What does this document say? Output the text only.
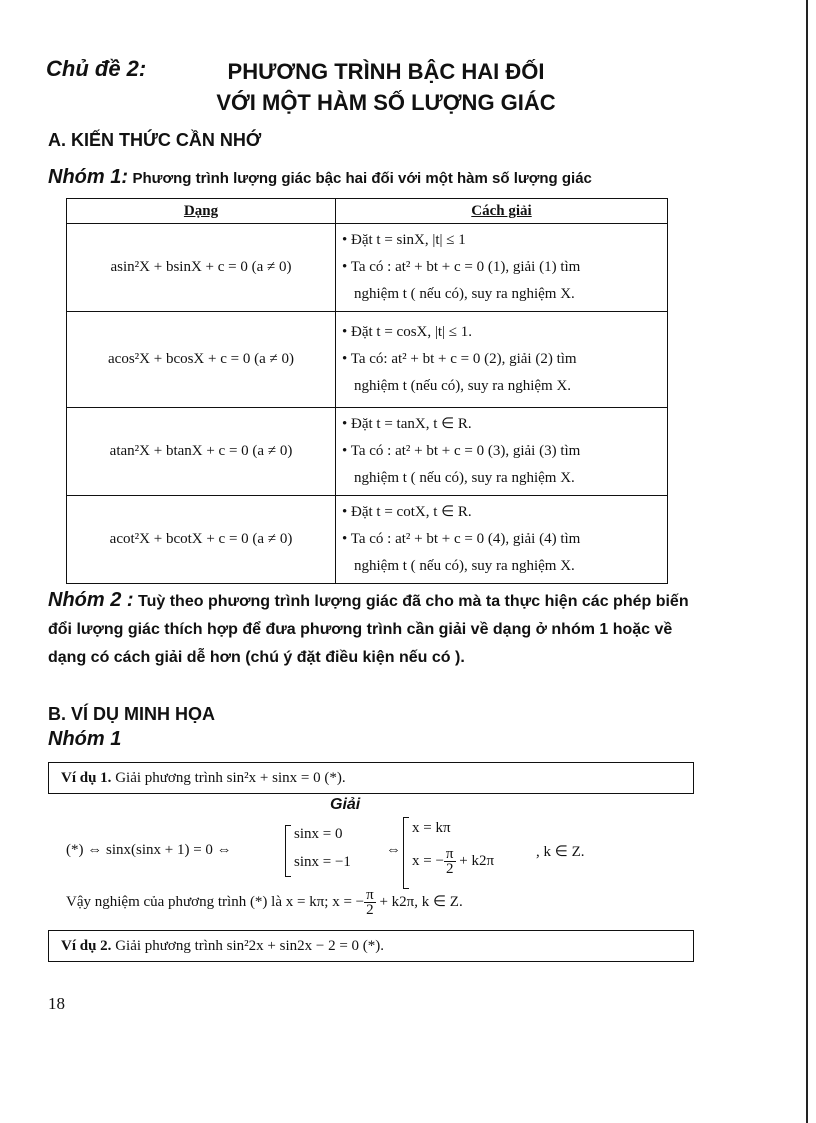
Chủ đề 2:	PHƯƠNG TRÌNH BẬC HAI ĐỐI
VỚI MỘT HÀM SỐ LƯỢNG GIÁC
A. KIẾN THỨC CẦN NHỚ
Nhóm 1: Phương trình lượng giác bậc hai đối với một hàm số lượng giác
Dạng	Cách giải
asin²X + bsinX + c = 0 (a ≠ 0)	• Đặt t = sinX, |t| ≤ 1
• Ta có : at² + bt + c = 0 (1), giải (1) tìm
nghiệm t ( nếu có), suy ra nghiệm X.

acos²X + bcosX + c = 0 (a ≠ 0)	• Đặt t = cosX, |t| ≤ 1.
• Ta có: at² + bt + c = 0 (2), giải (2) tìm
nghiệm t (nếu có), suy ra nghiệm X.

atan²X + btanX + c = 0 (a ≠ 0)	• Đặt t = tanX, t ∈ R.
• Ta có : at² + bt + c = 0 (3), giải (3) tìm
nghiệm t ( nếu có), suy ra nghiệm X.

acot²X + bcotX + c = 0 (a ≠ 0)	• Đặt t = cotX, t ∈ R.
• Ta có : at² + bt + c = 0 (4), giải (4) tìm
nghiệm t ( nếu có), suy ra nghiệm X.
Nhóm 2 : Tuỳ theo phương trình lượng giác đã cho mà ta thực hiện các phép biến đổi lượng giác thích hợp để đưa phương trình cần giải về dạng ở nhóm 1 hoặc về dạng có cách giải dễ hơn (chú ý đặt điều kiện nếu có ).
B. VÍ DỤ MINH HỌA
Nhóm 1
Ví dụ 1. Giải phương trình sin²x + sinx = 0 (*).
Giải
(*) ⇔ sinx(sinx + 1) = 0 ⇔
sinx = 0
sinx = −1
⇔
x = kπ
x = − $\frac{\pi}{2} + k2\pi$
, k ∈ Z.
Vậy nghiệm của phương trình (*) là x = kπ; x = − $\frac{\pi}{2} + k2\pi$, k ∈ Z.
Ví dụ 2. Giải phương trình sin²2x + sin2x − 2 = 0 (*).
18
